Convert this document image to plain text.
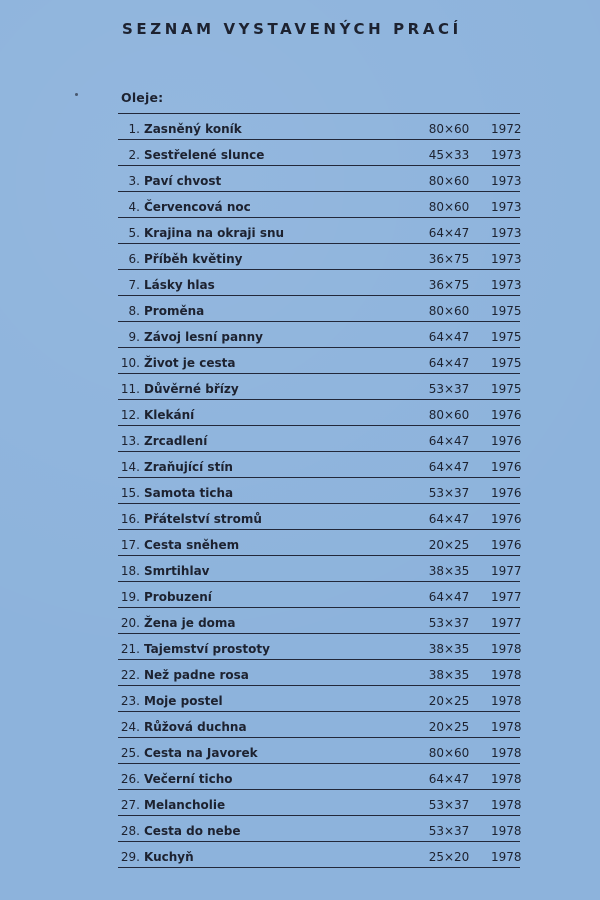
SEZNAM VYSTAVENÝCH PRACÍ
Oleje:
1. Zasněný koník	80×60 1972
2. Sestřelené slunce	45×33 1973
3. Paví chvost	80×60 1973
4. Červencová noc	80×60 1973
5. Krajina na okraji snu	64×47 1973
6. Příběh květiny	36×75 1973
7. Lásky hlas	36×75 1973
8. Proměna	80×60 1975
9. Závoj lesní panny	64×47 1975
10. Život je cesta	64×47 1975
11. Důvěrné břízy	53×37 1975
12. Klekání	80×60 1976
13. Zrcadlení	64×47 1976
14. Zraňující stín	64×47 1976
15. Samota ticha	53×37 1976
16. Přátelství stromů	64×47 1976
17. Cesta sněhem	20×25 1976
18. Smrtihlav	38×35 1977
19. Probuzení	64×47 1977
20. Žena je doma	53×37 1977
21. Tajemství prostoty	38×35 1978
22. Než padne rosa	38×35 1978
23. Moje postel	20×25 1978
24. Růžová duchna	20×25 1978
25. Cesta na Javorek	80×60 1978
26. Večerní ticho	64×47 1978
27. Melancholie	53×37 1978
28. Cesta do nebe	53×37 1978
29. Kuchyň	25×20 1978
